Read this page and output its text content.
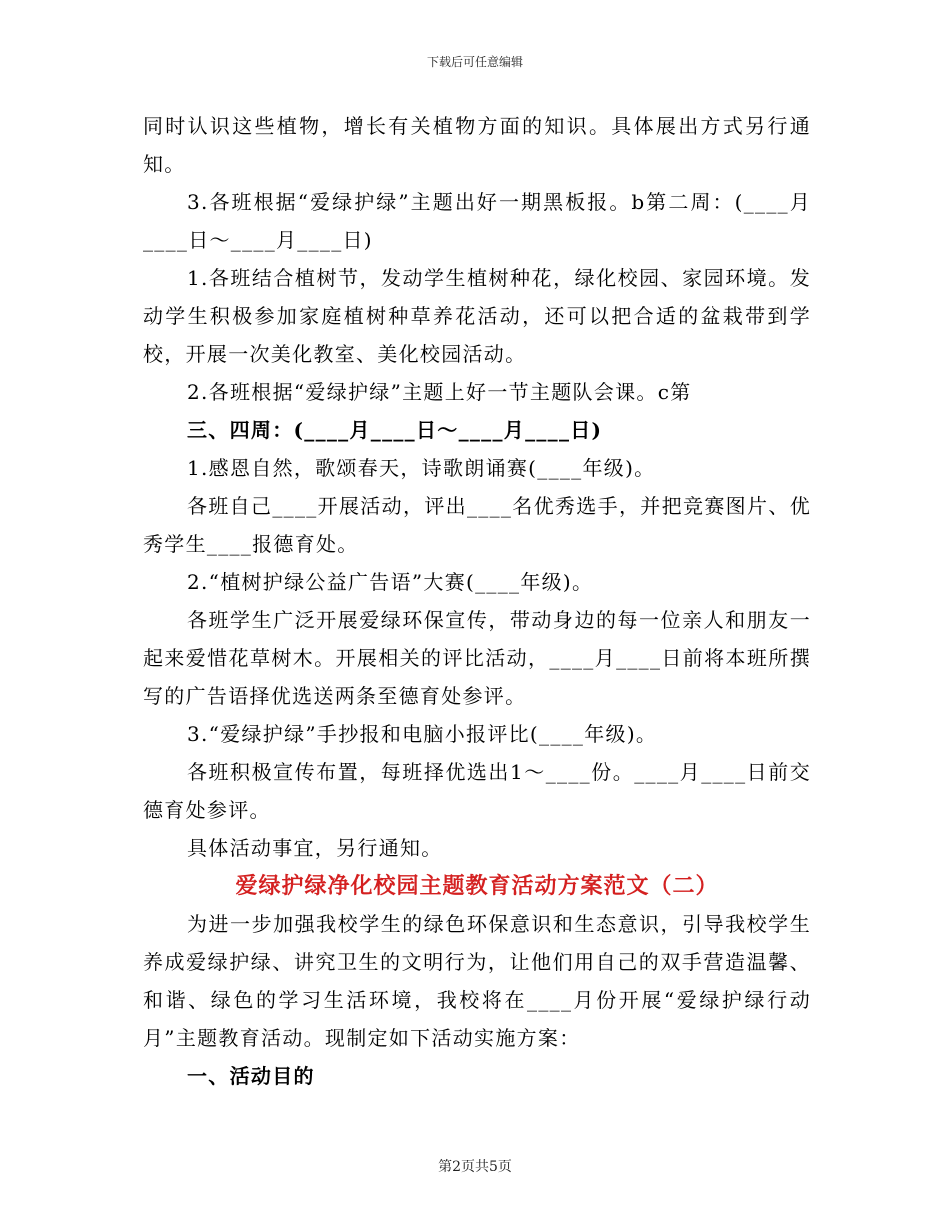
下载后可任意编辑

同时认识这些植物，增长有关植物方面的知识。具体展出方式另行通知。

3.各班根据“爱绿护绿”主题出好一期黑板报。b第二周：(____月____日～____月____日)

1.各班结合植树节，发动学生植树种花，绿化校园、家园环境。发动学生积极参加家庭植树种草养花活动，还可以把合适的盆栽带到学校，开展一次美化教室、美化校园活动。

2.各班根据“爱绿护绿”主题上好一节主题队会课。c第

三、四周：(____月____日～____月____日)

1.感恩自然，歌颂春天，诗歌朗诵赛(____年级)。

各班自己____开展活动，评出____名优秀选手，并把竞赛图片、优秀学生____报德育处。

2.“植树护绿公益广告语”大赛(____年级)。

各班学生广泛开展爱绿环保宣传，带动身边的每一位亲人和朋友一起来爱惜花草树木。开展相关的评比活动，____月____日前将本班所撰写的广告语择优选送两条至德育处参评。

3.“爱绿护绿”手抄报和电脑小报评比(____年级)。

各班积极宣传布置，每班择优选出1～____份。____月____日前交德育处参评。

具体活动事宜，另行通知。

爱绿护绿净化校园主题教育活动方案范文（二）

为进一步加强我校学生的绿色环保意识和生态意识，引导我校学生养成爱绿护绿、讲究卫生的文明行为，让他们用自己的双手营造温馨、和谐、绿色的学习生活环境，我校将在____月份开展“爱绿护绿行动月”主题教育活动。现制定如下活动实施方案：

一、活动目的

第2页共5页
